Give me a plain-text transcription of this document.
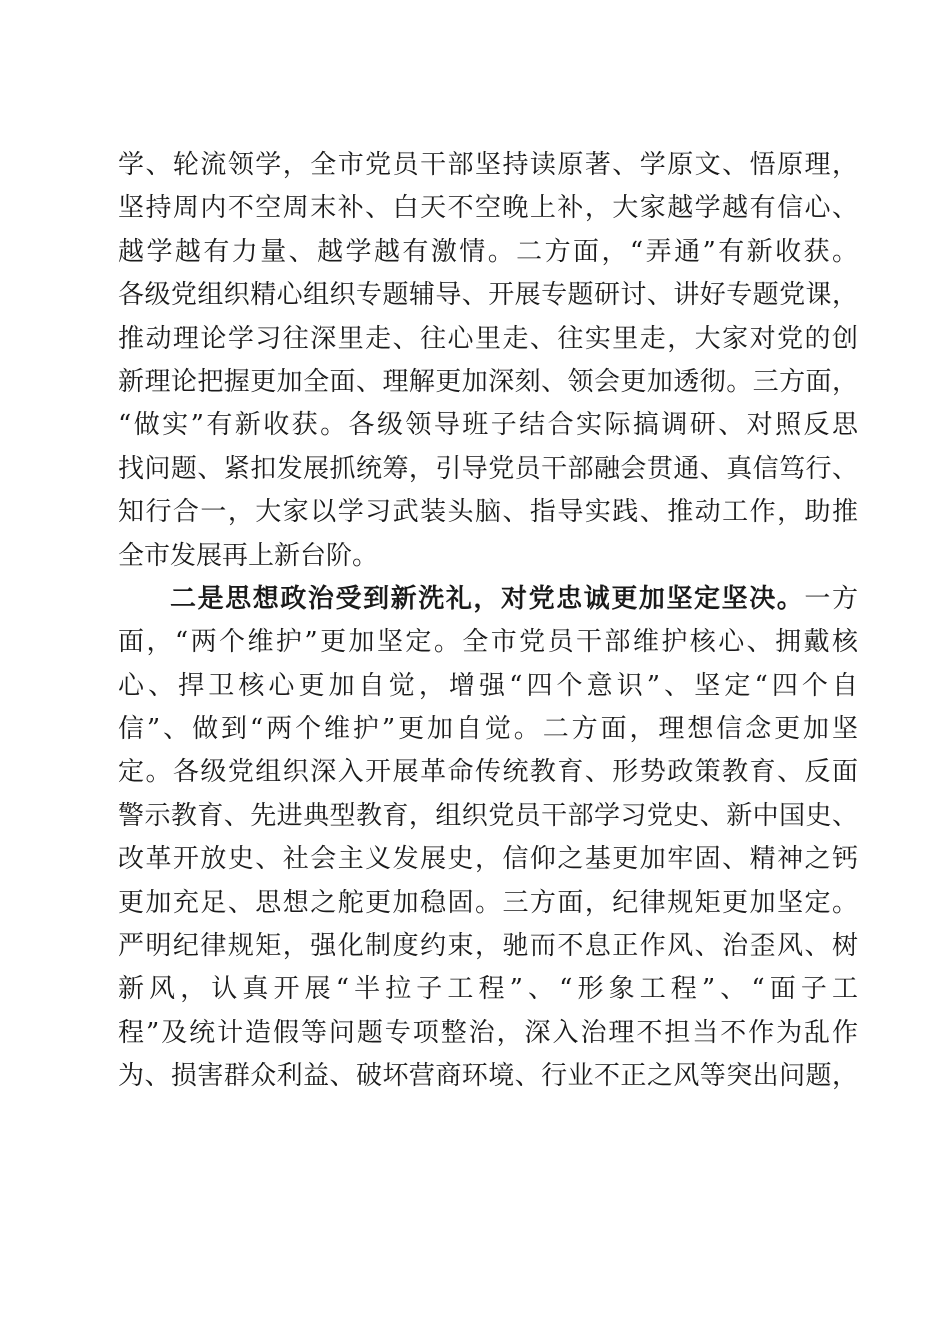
学、轮流领学，全市党员干部坚持读原著、学原文、悟原理，
坚持周内不空周末补、白天不空晚上补，大家越学越有信心、
越学越有力量、越学越有激情。二方面，“弄通”有新收获。
各级党组织精心组织专题辅导、开展专题研讨、讲好专题党课，
推动理论学习往深里走、往心里走、往实里走，大家对党的创
新理论把握更加全面、理解更加深刻、领会更加透彻。三方面，
“做实”有新收获。各级领导班子结合实际搞调研、对照反思
找问题、紧扣发展抓统筹，引导党员干部融会贯通、真信笃行、
知行合一，大家以学习武装头脑、指导实践、推动工作，助推
全市发展再上新台阶。
二是思想政治受到新洗礼，对党忠诚更加坚定坚决。一方
面，“两个维护”更加坚定。全市党员干部维护核心、拥戴核
心、捍卫核心更加自觉，增强“四个意识”、坚定“四个自
信”、做到“两个维护”更加自觉。二方面，理想信念更加坚
定。各级党组织深入开展革命传统教育、形势政策教育、反面
警示教育、先进典型教育，组织党员干部学习党史、新中国史、
改革开放史、社会主义发展史，信仰之基更加牢固、精神之钙
更加充足、思想之舵更加稳固。三方面，纪律规矩更加坚定。
严明纪律规矩，强化制度约束，驰而不息正作风、治歪风、树
新风，认真开展“半拉子工程”、“形象工程”、“面子工
程”及统计造假等问题专项整治，深入治理不担当不作为乱作
为、损害群众利益、破坏营商环境、行业不正之风等突出问题，
